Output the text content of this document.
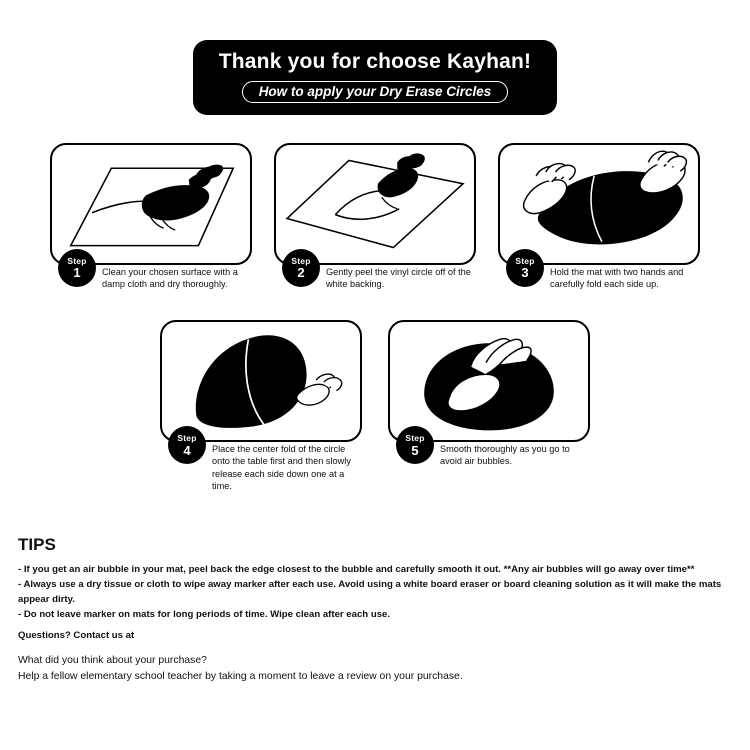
Thank you for choose Kayhan!
How to apply your Dry Erase Circles
Step
1	Clean your chosen surface with a damp cloth and dry thoroughly.
Step
2	Gently peel the vinyl circle off of the white backing.
Step
3	Hold the mat with two hands and carefully fold each side up.
Step
4	Place the center fold of the circle onto the table first and then slowly release each side down one at a time.
Step
5	Smooth thoroughly as you go to avoid air bubbles.
TIPS
- If you get an air bubble in your mat, peel back the edge closest to the bubble and carefully smooth it out. **Any air bubbles will go away over time**
- Always use a dry tissue or cloth to wipe away marker after each use. Avoid using a white board eraser or board cleaning solution as it will make the mats appear dirty.
- Do not leave marker on mats for long periods of time. Wipe clean after each use.
Questions? Contact us at
What did you think about your purchase?
Help a fellow elementary school teacher by taking a moment to leave a review on your purchase.
